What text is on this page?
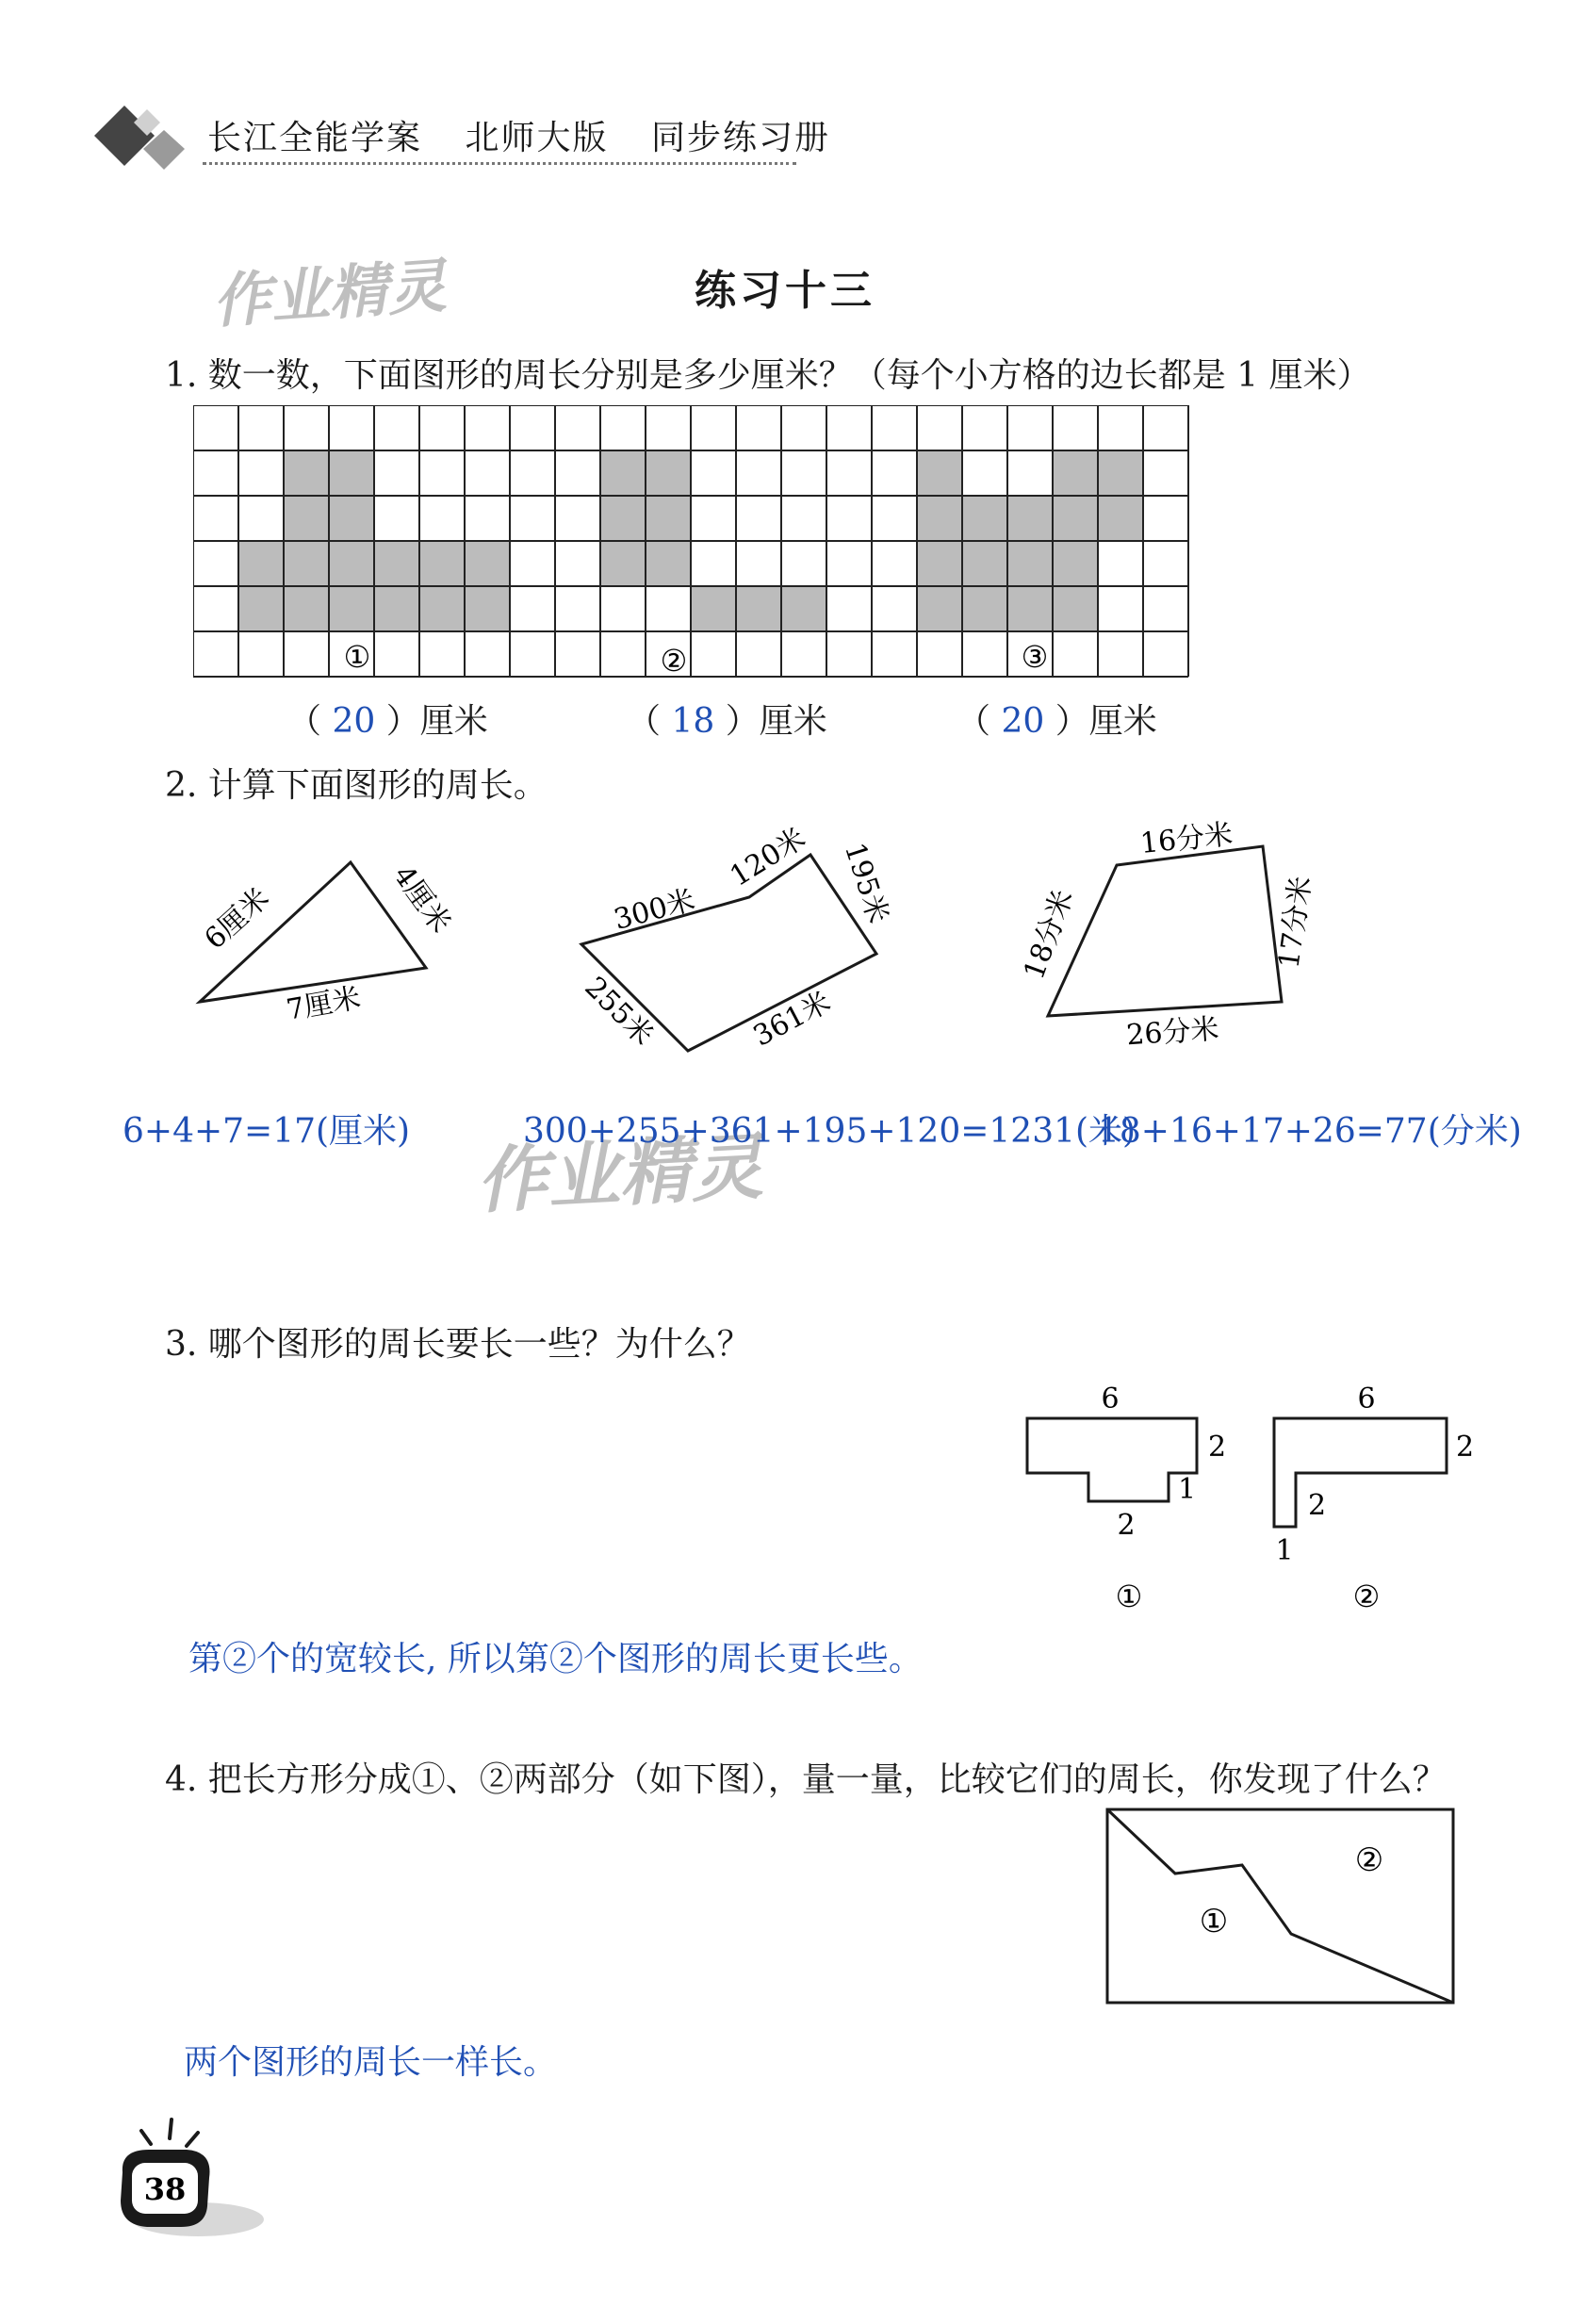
长江全能学案 北师大版 同步练习册
作业精灵
作业精灵
练习十三
1. 数一数，下面图形的周长分别是多少厘米？（每个小方格的边长都是 1 厘米）
①	②	③
（ 20 ）厘米	（ 18 ）厘米	（ 20 ）厘米
2. 计算下面图形的周长。
6厘米	4厘米
7厘米
300米
120米 195米
361米
255米
16分米
17分米
26分米
18分米
6+4+7=17(厘米)	300+255+361+195+120=1231(米)
18+16+17+26=77(分米)
3. 哪个图形的周长要长一些？为什么？
6
2
1
2
①
6
2
2
1
②
第②个的宽较长, 所以第②个图形的周长更长些。
4. 把长方形分成①、②两部分（如下图），量一量，比较它们的周长，你发现了什么？
①
②
两个图形的周长一样长。
38
